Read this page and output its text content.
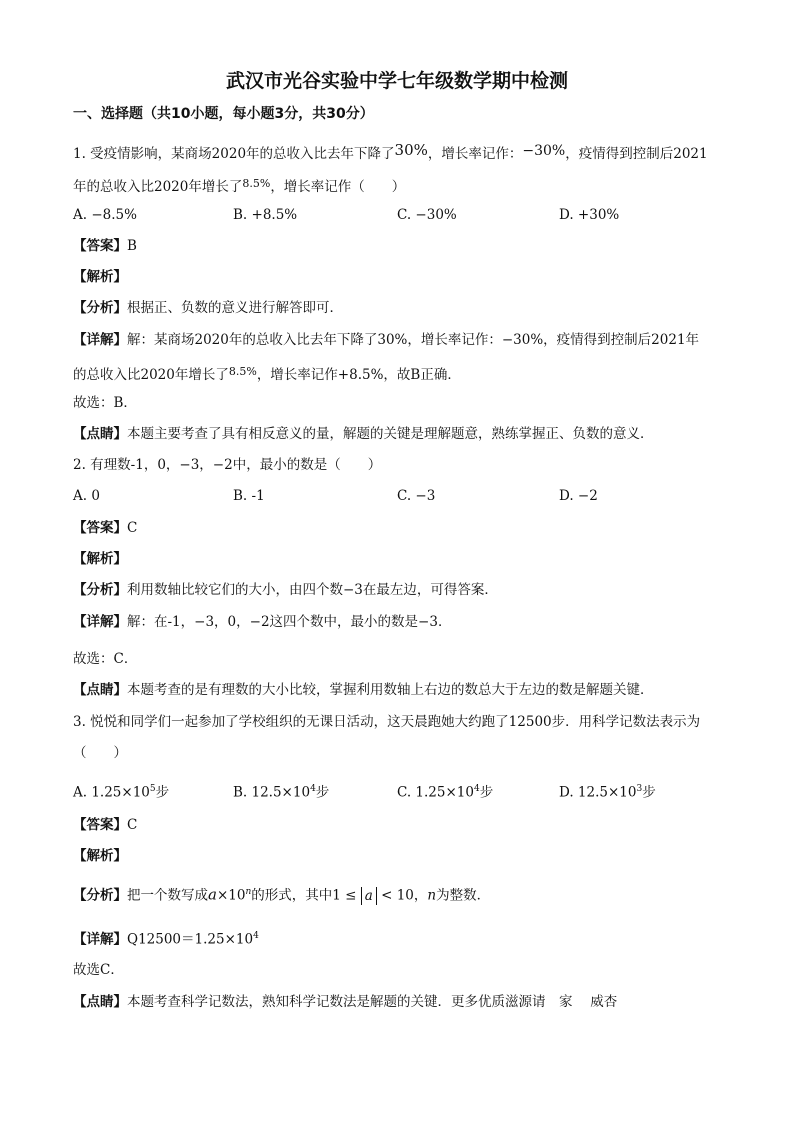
武汉市光谷实验中学七年级数学期中检测
一、选择题（共10小题，每小题3分，共30分）
1. 受疫情影响，某商场2020年的总收入比去年下降了30%，增长率记作：−30%，疫情得到控制后2021
年的总收入比2020年增长了$^{8.5\%}$，增长率记作（　　）
A. −8.5%	B. +8.5%	C. −30%	D. +30%
【答案】B
【解析】
【分析】根据正、负数的意义进行解答即可．
【详解】解：某商场2020年的总收入比去年下降了30%，增长率记作：−30%，疫情得到控制后2021年
的总收入比2020年增长了$^{8.5\%}$，增长率记作+8.5%，故B正确．
故选：B．
【点睛】本题主要考查了具有相反意义的量，解题的关键是理解题意，熟练掌握正、负数的意义．
2. 有理数-1，0，−3，−2中，最小的数是（　　）
A. 0	B. -1	C. −3	D. −2
【答案】C
【解析】
【分析】利用数轴比较它们的大小，由四个数−3在最左边，可得答案．
【详解】解：在-1，−3，0，−2这四个数中，最小的数是−3．
故选：C．
【点睛】本题考查的是有理数的大小比较，掌握利用数轴上右边的数总大于左边的数是解题关键．
3. 悦悦和同学们一起参加了学校组织的无课日活动，这天晨跑她大约跑了12500步．用科学记数法表示为
（　　）
A. $1.25\times 10^5$步	B. $12.5\times 10^4$步	C. $1.25\times 10^4$步	D. $12.5\times 10^3$步
【答案】C
【解析】
【分析】把一个数写成$a\times 10^n$的形式，其中1 ≤ a < 10，n为整数．
【详解】$Q12500=1.25\times 10^4$
故选C．
【点睛】本题考查科学记数法，熟知科学记数法是解题的关键．更多优质滋源请　家　 威杏
